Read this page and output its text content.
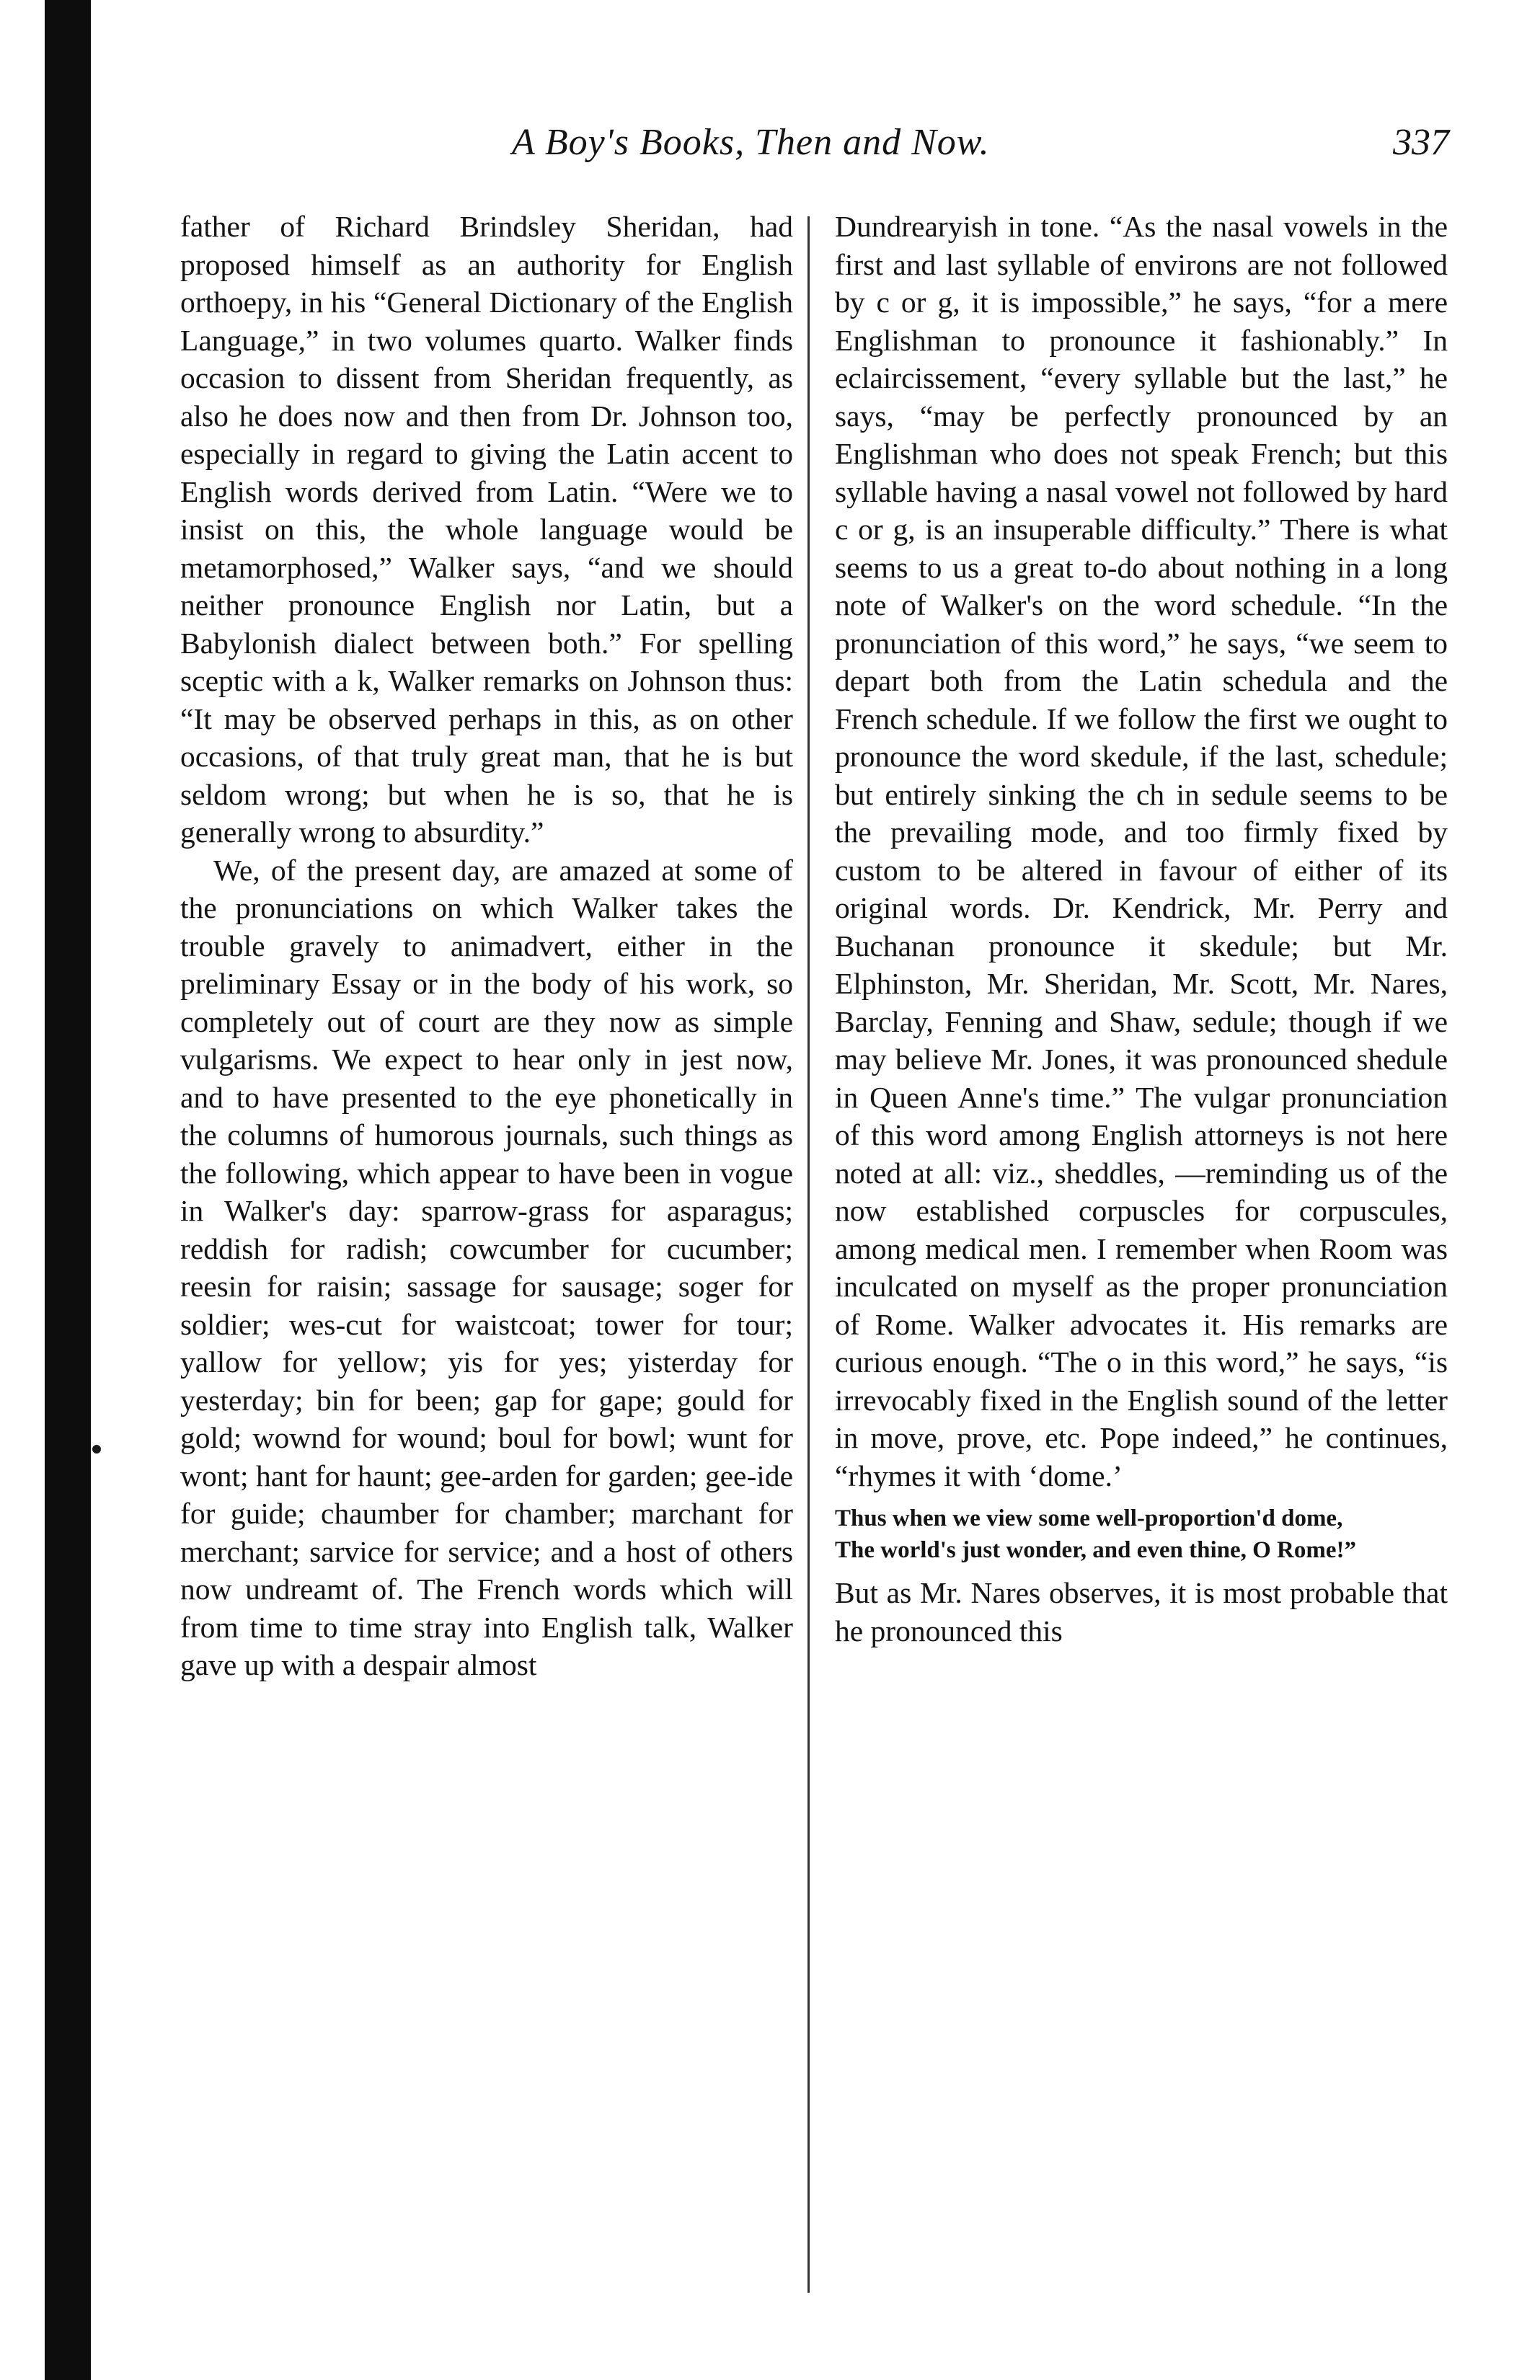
A Boy's Books, Then and Now.	337

father of Richard Brindsley Sheridan, had proposed himself as an authority for English orthoepy, in his “General Dictionary of the English Language,” in two volumes quarto. Walker finds occasion to dissent from Sheridan frequently, as also he does now and then from Dr. Johnson too, especially in regard to giving the Latin accent to English words derived from Latin. “Were we to insist on this, the whole language would be metamorphosed,” Walker says, “and we should neither pronounce English nor Latin, but a Babylonish dialect between both.” For spelling sceptic with a k, Walker remarks on Johnson thus: “It may be observed perhaps in this, as on other occasions, of that truly great man, that he is but seldom wrong; but when he is so, that he is generally wrong to absurdity.”

We, of the present day, are amazed at some of the pronunciations on which Walker takes the trouble gravely to animadvert, either in the preliminary Essay or in the body of his work, so completely out of court are they now as simple vulgarisms. We expect to hear only in jest now, and to have presented to the eye phonetically in the columns of humorous journals, such things as the following, which appear to have been in vogue in Walker's day: sparrow-grass for asparagus; reddish for radish; cowcumber for cucumber; reesin for raisin; sassage for sausage; soger for soldier; wes-cut for waistcoat; tower for tour; yallow for yellow; yis for yes; yisterday for yesterday; bin for been; gap for gape; gould for gold; wownd for wound; boul for bowl; wunt for wont; hant for haunt; gee-arden for garden; gee-ide for guide; chaumber for chamber; marchant for merchant; sarvice for service; and a host of others now undreamt of. The French words which will from time to time stray into English talk, Walker gave up with a despair almost

Dundrearyish in tone. “As the nasal vowels in the first and last syllable of environs are not followed by c or g, it is impossible,” he says, “for a mere Englishman to pronounce it fashionably.” In eclaircissement, “every syllable but the last,” he says, “may be perfectly pronounced by an Englishman who does not speak French; but this syllable having a nasal vowel not followed by hard c or g, is an insuperable difficulty.” There is what seems to us a great to-do about nothing in a long note of Walker's on the word schedule. “In the pronunciation of this word,” he says, “we seem to depart both from the Latin schedula and the French schedule. If we follow the first we ought to pronounce the word skedule, if the last, schedule; but entirely sinking the ch in sedule seems to be the prevailing mode, and too firmly fixed by custom to be altered in favour of either of its original words. Dr. Kendrick, Mr. Perry and Buchanan pronounce it skedule; but Mr. Elphinston, Mr. Sheridan, Mr. Scott, Mr. Nares, Barclay, Fenning and Shaw, sedule; though if we may believe Mr. Jones, it was pronounced shedule in Queen Anne's time.” The vulgar pronunciation of this word among English attorneys is not here noted at all: viz., sheddles, —reminding us of the now established corpuscles for corpuscules, among medical men. I remember when Room was inculcated on myself as the proper pronunciation of Rome. Walker advocates it. His remarks are curious enough. “The o in this word,” he says, “is irrevocably fixed in the English sound of the letter in move, prove, etc. Pope indeed,” he continues, “rhymes it with ‘dome.’

Thus when we view some well-proportion'd dome,

The world's just wonder, and even thine, O Rome!”

But as Mr. Nares observes, it is most probable that he pronounced this
